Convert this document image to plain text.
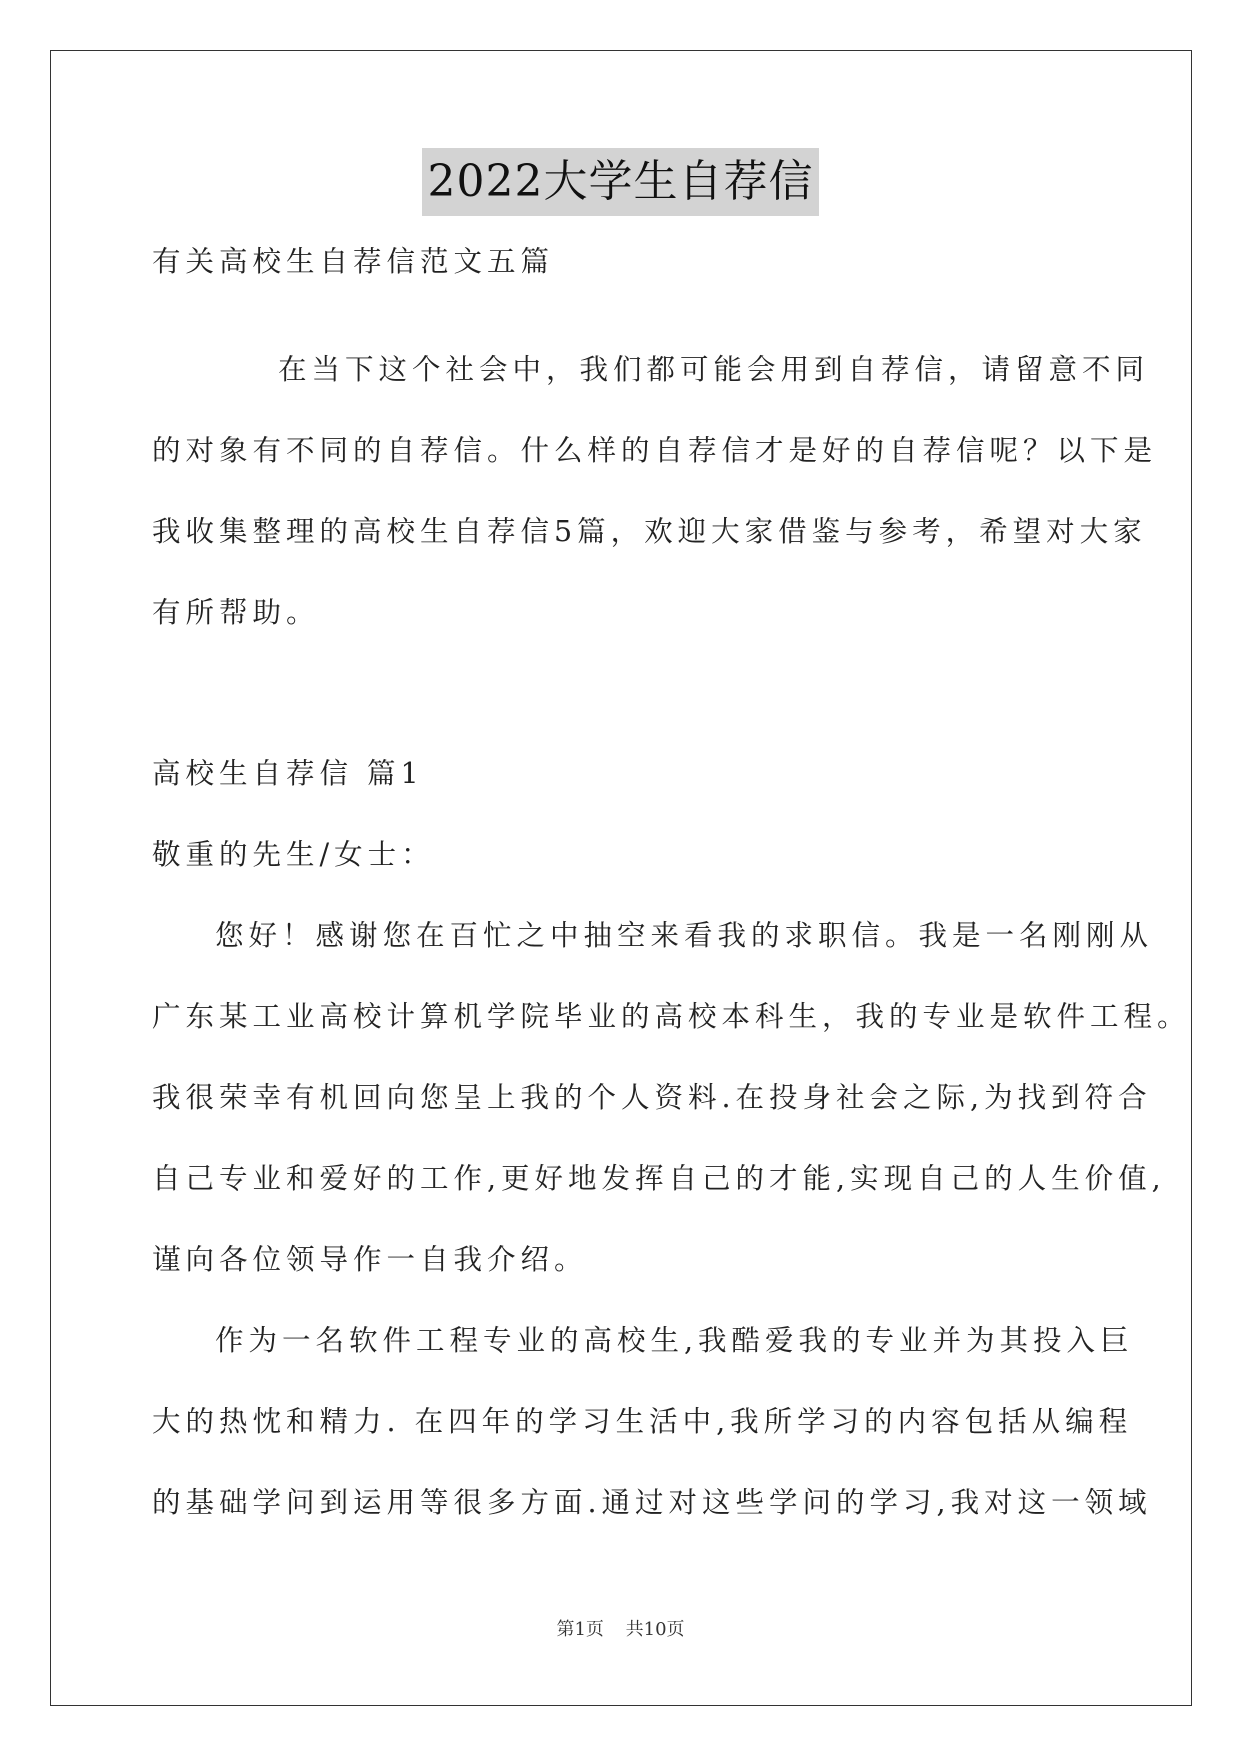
2022大学生自荐信
有关高校生自荐信范文五篇
在当下这个社会中，我们都可能会用到自荐信，请留意不同
的对象有不同的自荐信。什么样的自荐信才是好的自荐信呢？以下是
我收集整理的高校生自荐信5篇，欢迎大家借鉴与参考，希望对大家
有所帮助。
高校生自荐信 篇1
敬重的先生/女士：
您好！感谢您在百忙之中抽空来看我的求职信。我是一名刚刚从
广东某工业高校计算机学院毕业的高校本科生，我的专业是软件工程。
我很荣幸有机回向您呈上我的个人资料.在投身社会之际,为找到符合
自己专业和爱好的工作,更好地发挥自己的才能,实现自己的人生价值,
谨向各位领导作一自我介绍。
作为一名软件工程专业的高校生,我酷爱我的专业并为其投入巨
大的热忱和精力. 在四年的学习生活中,我所学习的内容包括从编程
的基础学问到运用等很多方面.通过对这些学问的学习,我对这一领域
第1页 共10页
